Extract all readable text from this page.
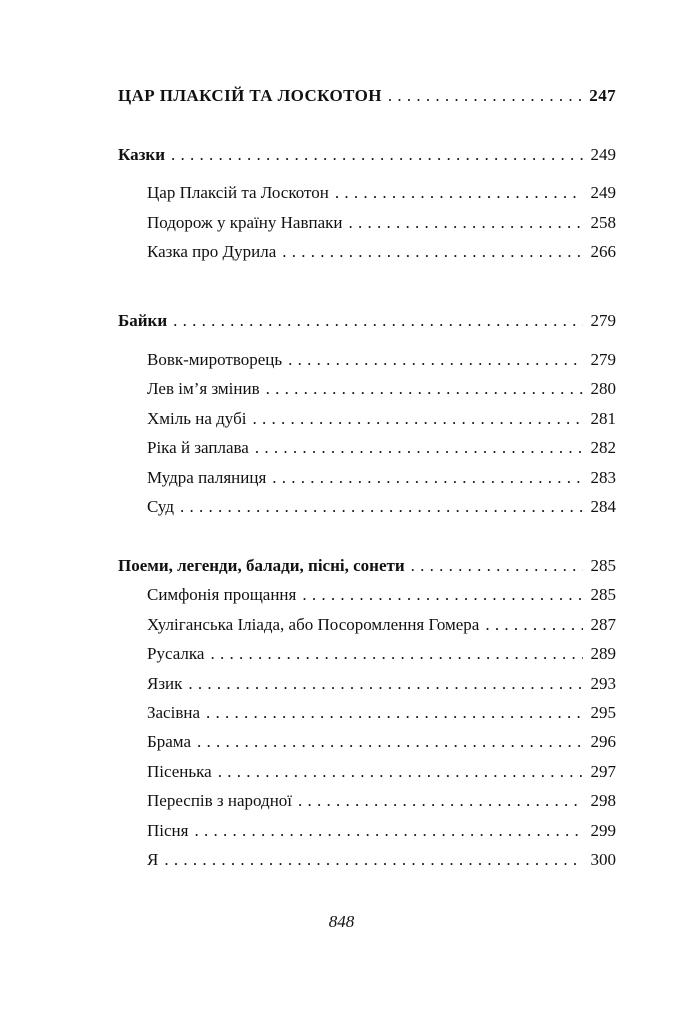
ЦАР ПЛАКСІЙ ТА ЛОСКОТОН . . .	247
Казки . . .	249
Цар Плаксій та Лоскотон . . .	249
Подорож у країну Навпаки . . .	258
Казка про Дурила . . .	266
Байки . . .	279
Вовк-миротворець . . .	279
Лев ім’я змінив . . .	280
Хміль на дубі . . .	281
Ріка й заплава . . .	282
Мудра паляниця . . .	283
Суд . . .	284
Поеми, легенди, балади, пісні, сонети . . .	285
Симфонія прощання . . .	285
Хуліганська Іліада, або Посоромлення Гомера . . .	287
Русалка . . .	289
Язик . . .	293
Засівна . . .	295
Брама . . .	296
Пісенька . . .	297
Переспів з народної . . .	298
Пісня . . .	299
Я . . .	300
848
